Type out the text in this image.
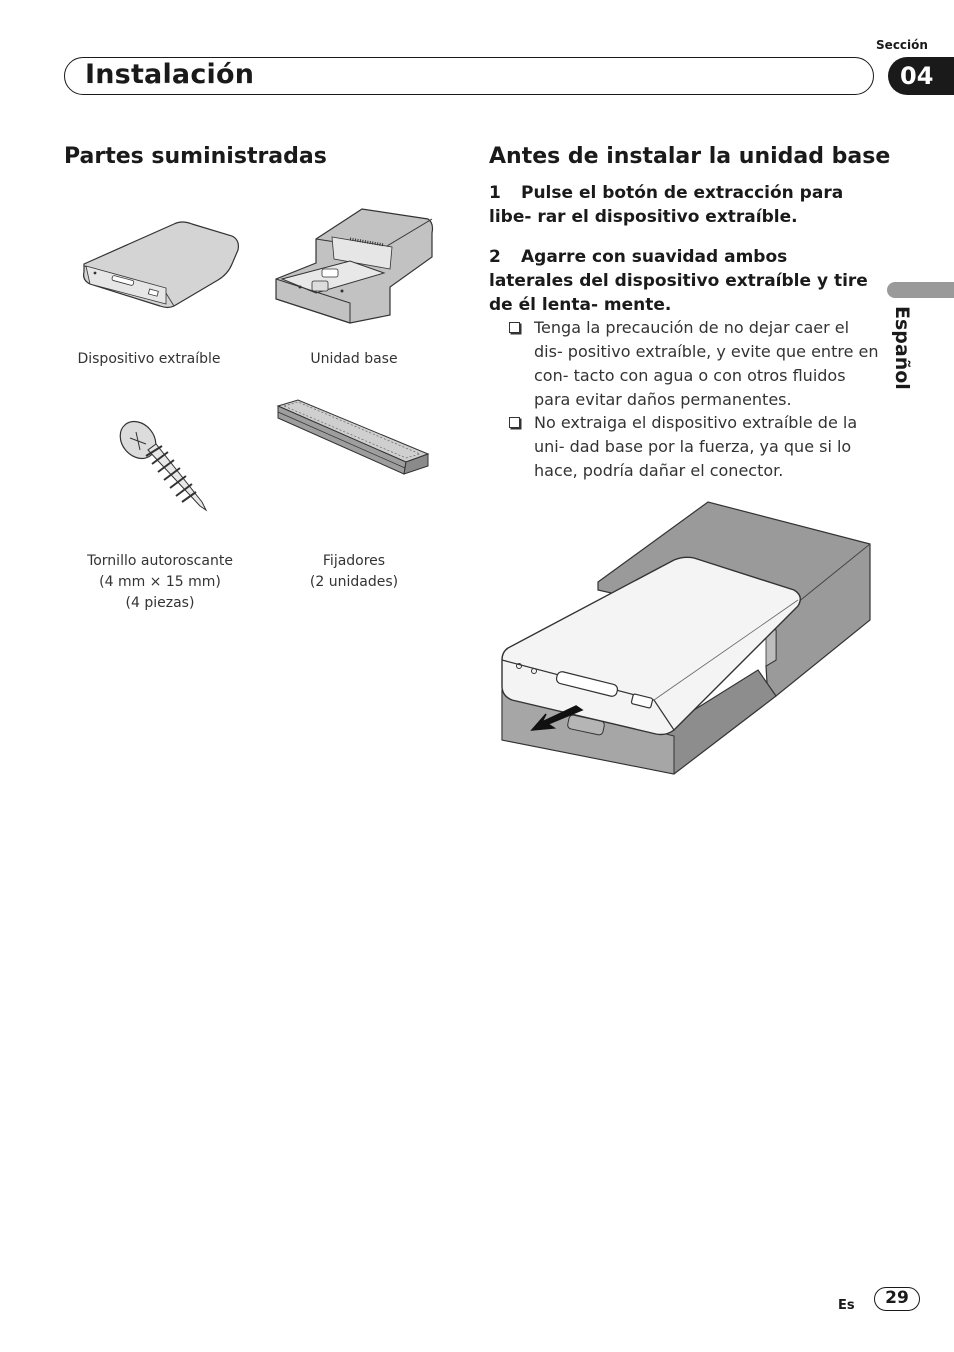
Sección
Instalación	04
Español
Partes suministradas
Dispositivo extraíble	Unidad base
Tornillo autoroscante
(4 mm × 15 mm)
(4 piezas)
Fijadores
(2 unidades)
Antes de instalar la unidad base
1 Pulse el botón de extracción para libe- rar el dispositivo extraíble.
2 Agarre con suavidad ambos laterales del dispositivo extraíble y tire de él lenta- mente.
Tenga la precaución de no dejar caer el dis- positivo extraíble, y evite que entre en con- tacto con agua o con otros fluidos para evitar daños permanentes.
No extraiga el dispositivo extraíble de la uni- dad base por la fuerza, ya que si lo hace, podría dañar el conector.
Es	29
